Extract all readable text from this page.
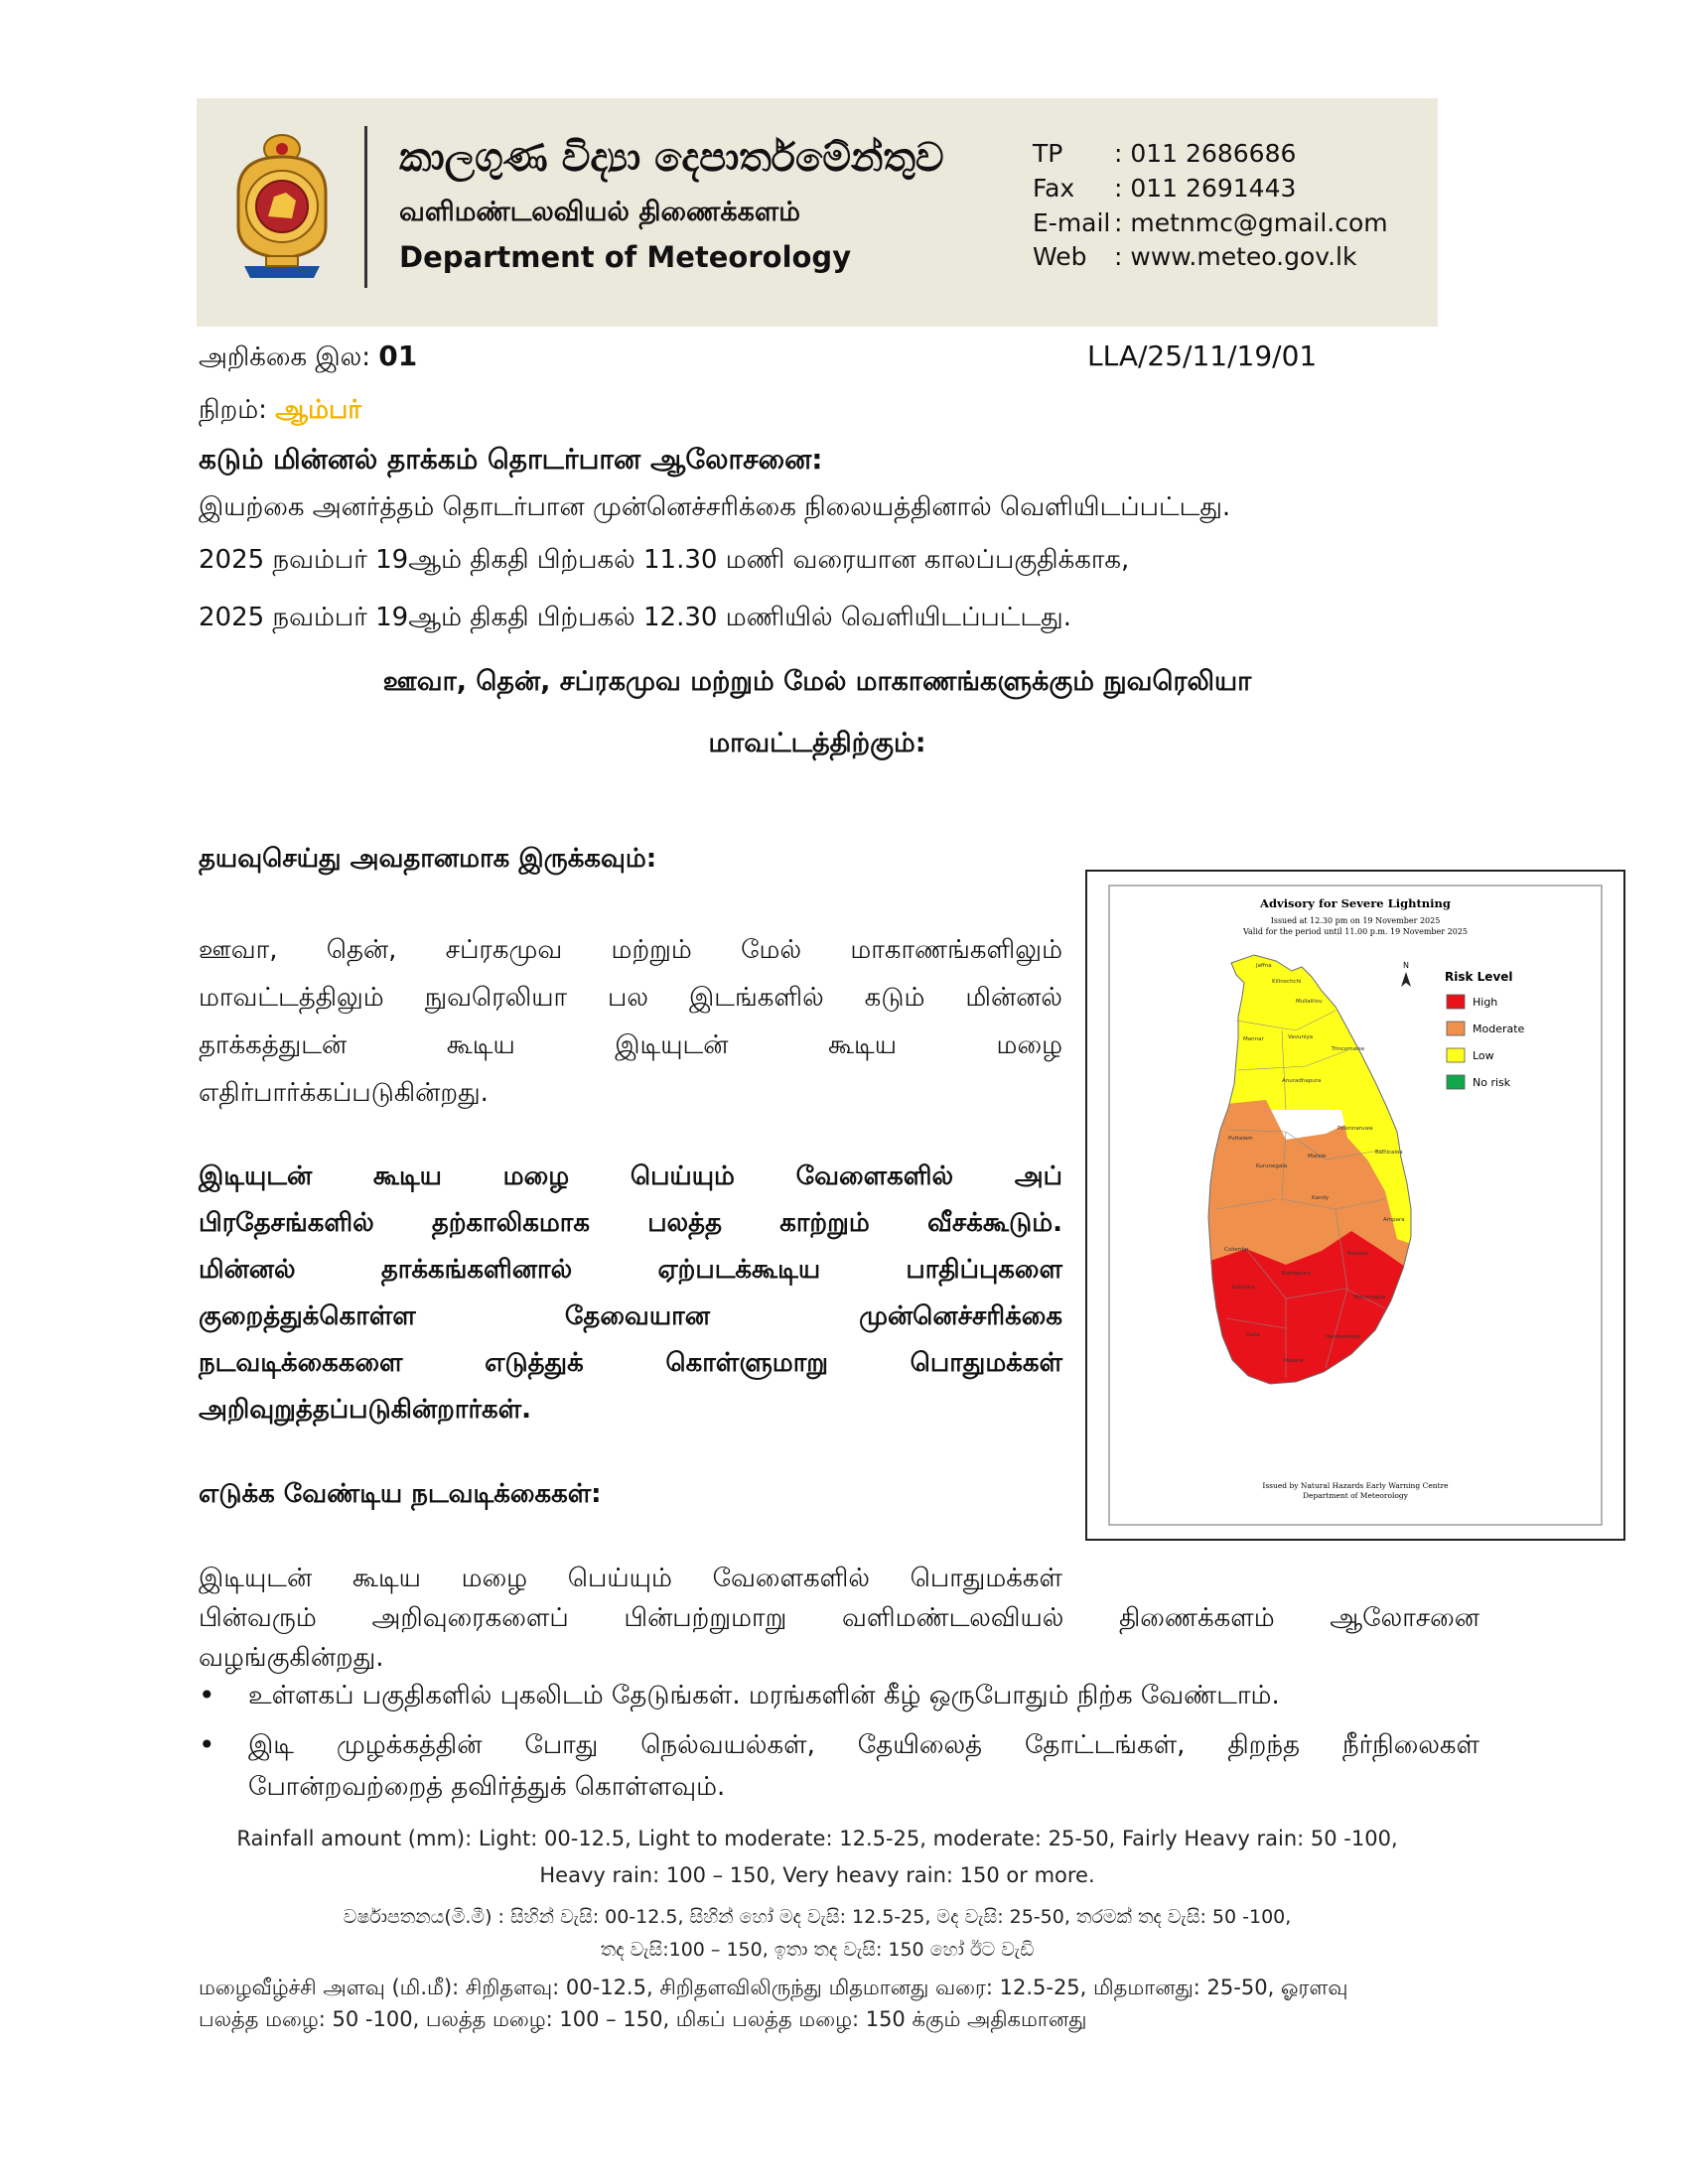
කාලගුණ විද්‍යා දෙපාර්තමේන්තුව
வளிமண்டலவியல் திணைக்களம்
Department of Meteorology
TP : 011 2686686
Fax : 011 2691443
E-mail : metnmc@gmail.com
Web : www.meteo.gov.lk
அறிக்கை இல: 01	LLA/25/11/19/01
நிறம்: ஆம்பர்
கடும் மின்னல் தாக்கம் தொடர்பான ஆலோசனை:
இயற்கை அனர்த்தம் தொடர்பான முன்னெச்சரிக்கை நிலையத்தினால் வெளியிடப்பட்டது.
2025 நவம்பர் 19ஆம் திகதி பிற்பகல் 11.30 மணி வரையான காலப்பகுதிக்காக,
2025 நவம்பர் 19ஆம் திகதி பிற்பகல் 12.30 மணியில் வெளியிடப்பட்டது.
ஊவா, தென், சப்ரகமுவ மற்றும் மேல் மாகாணங்களுக்கும் நுவரெலியா
மாவட்டத்திற்கும்:
தயவுசெய்து அவதானமாக இருக்கவும்:
ஊவா, தென், சப்ரகமுவ மற்றும் மேல் மாகாணங்களிலும்
மாவட்டத்திலும் நுவரெலியா பல இடங்களில் கடும் மின்னல்
தாக்கத்துடன் கூடிய இடியுடன் கூடிய மழை
எதிர்பார்க்கப்படுகின்றது.
இடியுடன் கூடிய மழை பெய்யும் வேளைகளில் அப்
பிரதேசங்களில் தற்காலிகமாக பலத்த காற்றும் வீசக்கூடும்.
மின்னல் தாக்கங்களினால் ஏற்படக்கூடிய பாதிப்புகளை
குறைத்துக்கொள்ள தேவையான முன்னெச்சரிக்கை
நடவடிக்கைகளை எடுத்துக் கொள்ளுமாறு பொதுமக்கள்
அறிவுறுத்தப்படுகின்றார்கள்.
எடுக்க வேண்டிய நடவடிக்கைகள்:
இடியுடன் கூடிய மழை பெய்யும் வேளைகளில் பொதுமக்கள்
பின்வரும் அறிவுரைகளைப் பின்பற்றுமாறு வளிமண்டலவியல் திணைக்களம் ஆலோசனை
வழங்குகின்றது.
• உள்ளகப் பகுதிகளில் புகலிடம் தேடுங்கள். மரங்களின் கீழ் ஒருபோதும் நிற்க வேண்டாம்.
• இடி முழக்கத்தின் போது நெல்வயல்கள், தேயிலைத் தோட்டங்கள், திறந்த நீர்நிலைகள்
போன்றவற்றைத் தவிர்த்துக் கொள்ளவும்.
Advisory for Severe Lightning
Issued at 12.30 pm on 19 November 2025
Valid for the period until 11.00 p.m. 19 November 2025
N
Risk Level
High
Moderate
Low
No risk
Jaffna
Kilinochchi
Mullaitivu
Mannar	Vavuniya
Trincomalee
Anuradhapura
Puttalam
Polonnaruwa
Kurunegala
Matale
Batticaloa
Kandy
Ampara
Colombo
Ratnapura
Badulla
Kalutara
Monaragala
Galle
Matara
Hambantota
Issued by Natural Hazards Early Warning Centre
Department of Meteorology
Rainfall amount (mm): Light: 00-12.5, Light to moderate: 12.5-25, moderate: 25-50, Fairly Heavy rain: 50 -100,
Heavy rain: 100 – 150, Very heavy rain: 150 or more.
වර්ෂාපතනය(මි.මී) : සිහින් වැසි: 00-12.5, සිහින් හෝ මද වැසි: 12.5-25, මද වැසි: 25-50, තරමක් තද වැසි: 50 -100,
තද වැසි:100 – 150, ඉතා තද වැසි: 150 හෝ ඊට වැඩි
மழைவீழ்ச்சி அளவு (மி.மீ): சிறிதளவு: 00-12.5, சிறிதளவிலிருந்து மிதமானது வரை: 12.5-25, மிதமானது: 25-50, ஓரளவு
பலத்த மழை: 50 -100, பலத்த மழை: 100 – 150, மிகப் பலத்த மழை: 150 க்கும் அதிகமானது
